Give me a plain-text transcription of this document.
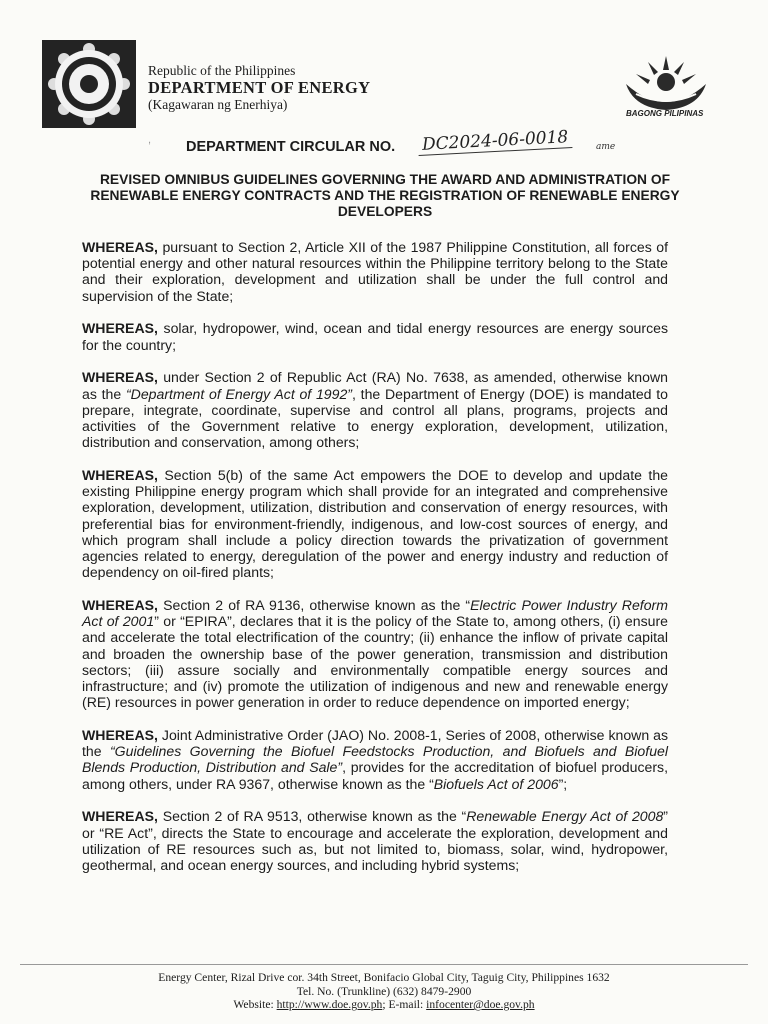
Republic of the Philippines
DEPARTMENT OF ENERGY
(Kagawaran ng Enerhiya)
BAGONG PILIPINAS
, DEPARTMENT CIRCULAR NO. DC2024-06-0018	ame
REVISED OMNIBUS GUIDELINES GOVERNING THE AWARD AND ADMINISTRATION OF RENEWABLE ENERGY CONTRACTS AND THE REGISTRATION OF RENEWABLE ENERGY DEVELOPERS

WHEREAS, pursuant to Section 2, Article XII of the 1987 Philippine Constitution, all forces of potential energy and other natural resources within the Philippine territory belong to the State and their exploration, development and utilization shall be under the full control and supervision of the State;

WHEREAS, solar, hydropower, wind, ocean and tidal energy resources are energy sources for the country;

WHEREAS, under Section 2 of Republic Act (RA) No. 7638, as amended, otherwise known as the “Department of Energy Act of 1992”, the Department of Energy (DOE) is mandated to prepare, integrate, coordinate, supervise and control all plans, programs, projects and activities of the Government relative to energy exploration, development, utilization, distribution and conservation, among others;

WHEREAS, Section 5(b) of the same Act empowers the DOE to develop and update the existing Philippine energy program which shall provide for an integrated and comprehensive exploration, development, utilization, distribution and conservation of energy resources, with preferential bias for environment-friendly, indigenous, and low-cost sources of energy, and which program shall include a policy direction towards the privatization of government agencies related to energy, deregulation of the power and energy industry and reduction of dependency on oil-fired plants;

WHEREAS, Section 2 of RA 9136, otherwise known as the “Electric Power Industry Reform Act of 2001” or “EPIRA”, declares that it is the policy of the State to, among others, (i) ensure and accelerate the total electrification of the country; (ii) enhance the inflow of private capital and broaden the ownership base of the power generation, transmission and distribution sectors; (iii) assure socially and environmentally compatible energy sources and infrastructure; and (iv) promote the utilization of indigenous and new and renewable energy (RE) resources in power generation in order to reduce dependence on imported energy;

WHEREAS, Joint Administrative Order (JAO) No. 2008-1, Series of 2008, otherwise known as the “Guidelines Governing the Biofuel Feedstocks Production, and Biofuels and Biofuel Blends Production, Distribution and Sale”, provides for the accreditation of biofuel producers, among others, under RA 9367, otherwise known as the “Biofuels Act of 2006”;

WHEREAS, Section 2 of RA 9513, otherwise known as the “Renewable Energy Act of 2008” or “RE Act”, directs the State to encourage and accelerate the exploration, development and utilization of RE resources such as, but not limited to, biomass, solar, wind, hydropower, geothermal, and ocean energy sources, and including hybrid systems;

Energy Center, Rizal Drive cor. 34th Street, Bonifacio Global City, Taguig City, Philippines 1632
Tel. No. (Trunkline) (632) 8479-2900
Website: http://www.doe.gov.ph; E-mail: infocenter@doe.gov.ph
